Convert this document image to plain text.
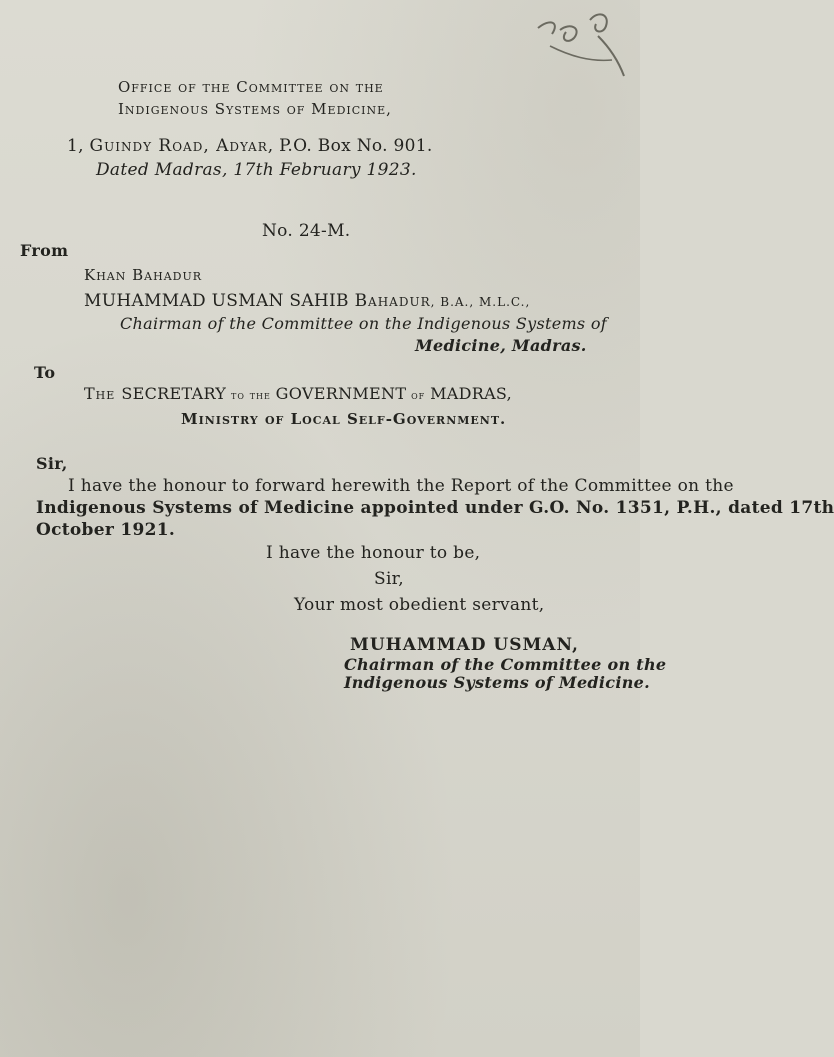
Office of the Committee on the
Indigenous Systems of Medicine,
1, Guindy Road, Adyar, P.O. Box No. 901.
Dated Madras, 17th February 1923.
No. 24-M.
From
Khan Bahadur
MUHAMMAD USMAN SAHIB Bahadur, B.A., M.L.C.,
Chairman of the Committee on the Indigenous Systems of
Medicine, Madras.
To
The SECRETARY to the GOVERNMENT of MADRAS,
Ministry of Local Self-Government.
Sir,
I have the honour to forward herewith the Report of the Committee on the
Indigenous Systems of Medicine appointed under G.O. No. 1351, P.H., dated 17th
October 1921.
I have the honour to be,
Sir,
Your most obedient servant,
MUHAMMAD USMAN,
Chairman of the Committee on the
Indigenous Systems of Medicine.
